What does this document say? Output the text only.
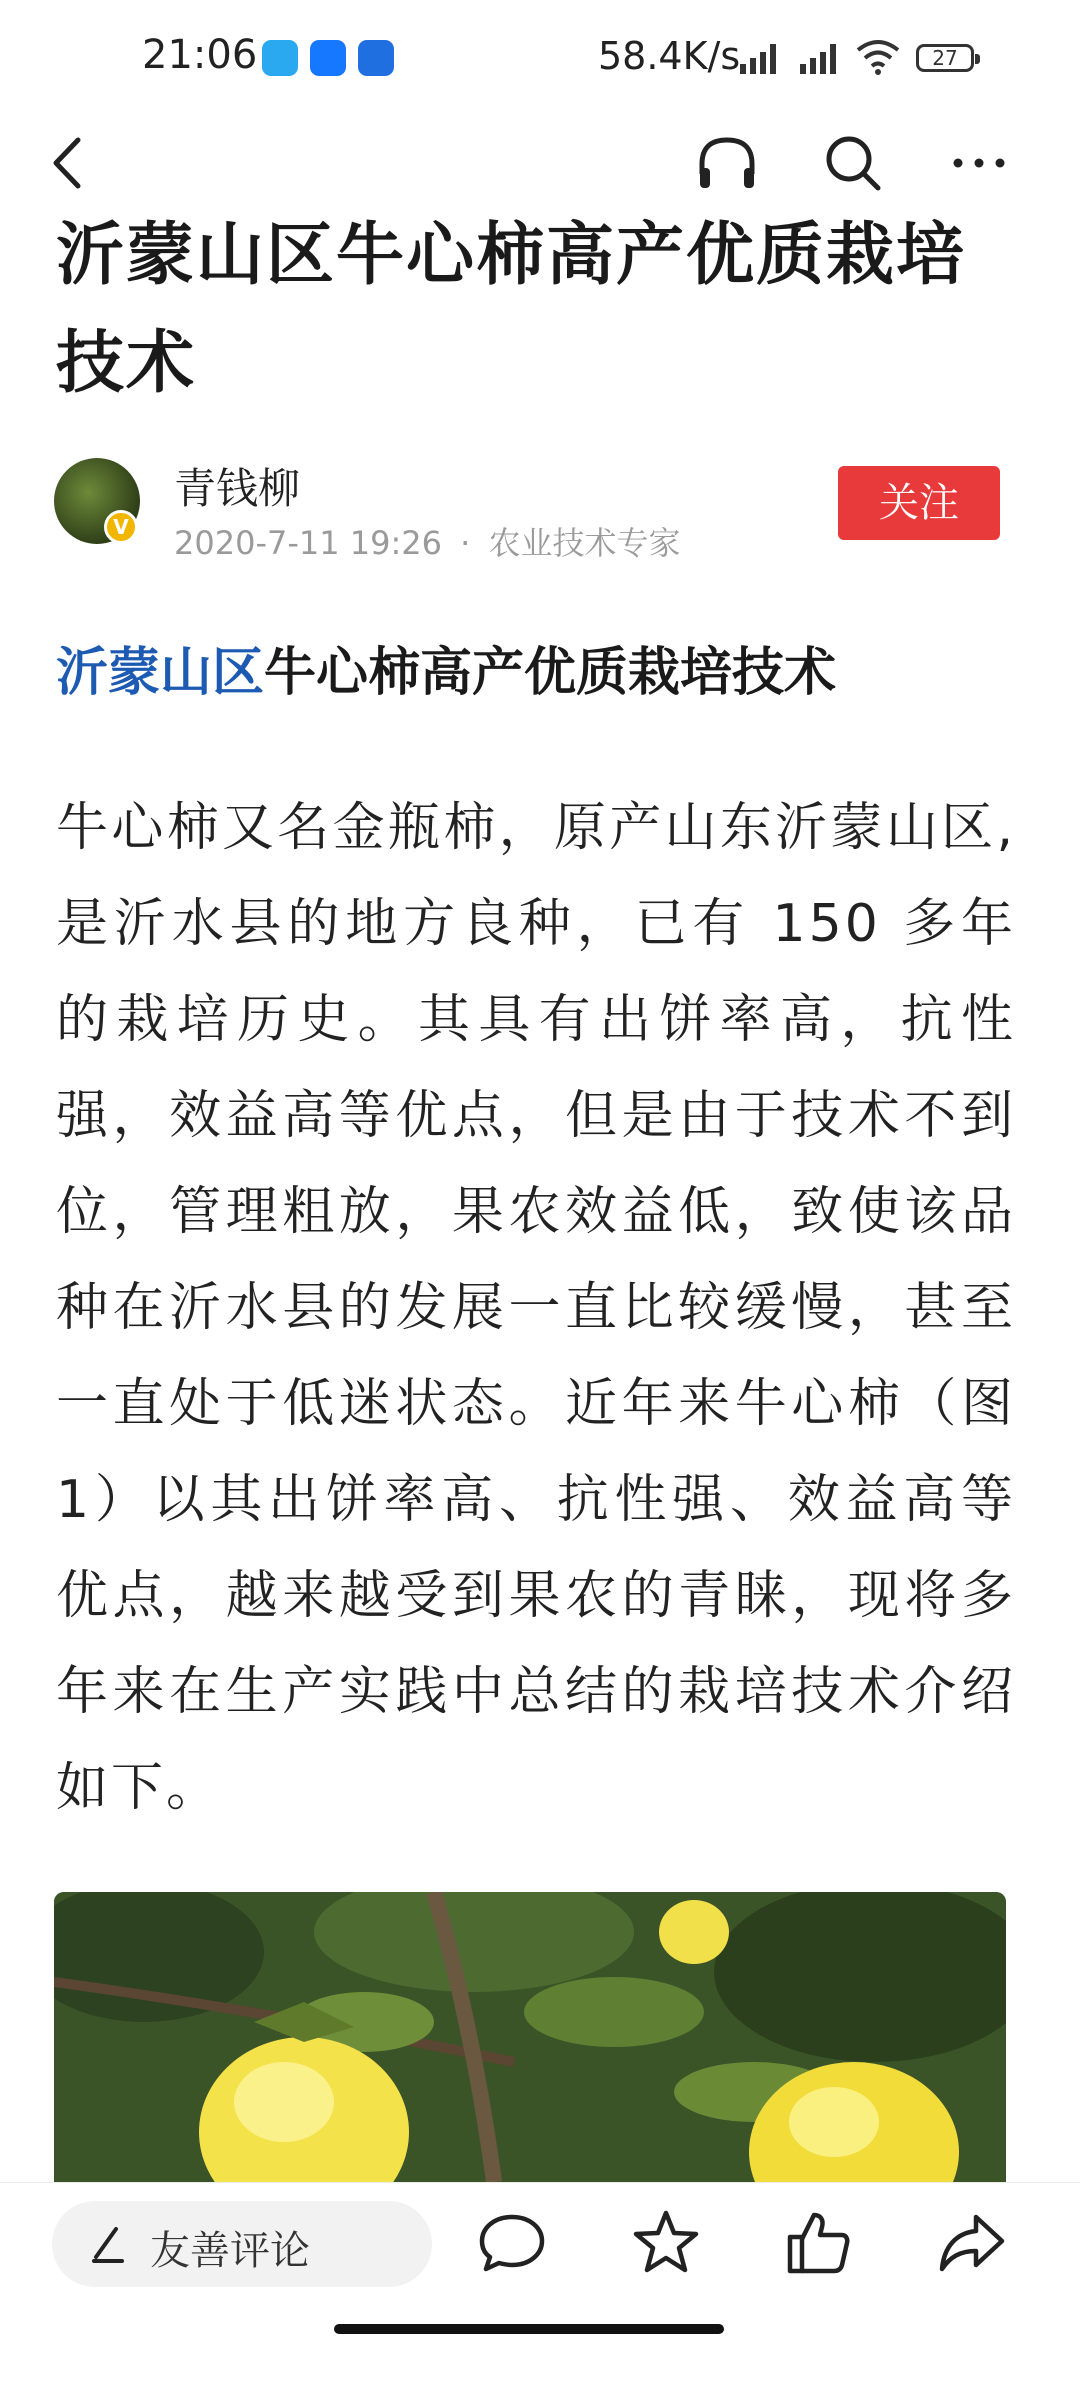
21:06	58.4K/s	27
沂蒙山区牛心柿高产优质栽培技术
V
青钱柳
2020-7-11 19:26 · 农业技术专家
关注
沂蒙山区牛心柿高产优质栽培技术
牛心柿又名金瓶柿，原产山东沂蒙山区,是沂水县的地方良种，已有 150 多年的栽培历史。其具有出饼率高，抗性强，效益高等优点，但是由于技术不到位，管理粗放，果农效益低，致使该品种在沂水县的发展一直比较缓慢，甚至一直处于低迷状态。近年来牛心柿（图 1）以其出饼率高、抗性强、效益高等优点，越来越受到果农的青睐，现将多年来在生产实践中总结的栽培技术介绍如下。
友善评论
